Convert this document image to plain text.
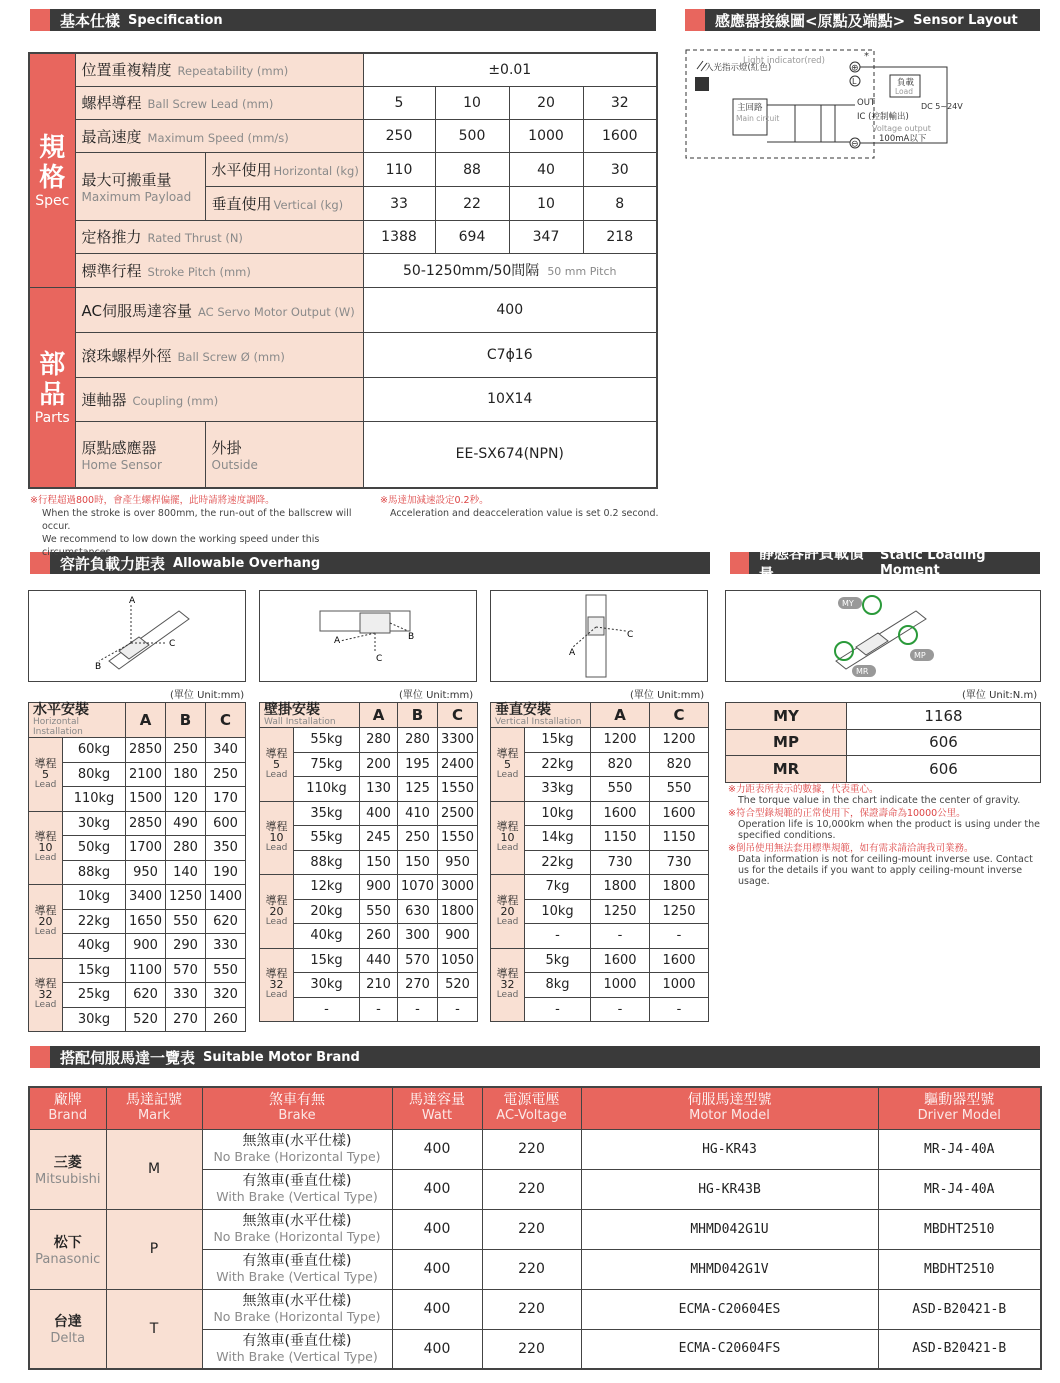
基本仕樣 Specification	感應器接線圖<原點及端點> Sensor Layout
容許負載力距表 Allowable Overhang
靜態容許負載慣量
Static Loading Moment
搭配伺服馬達一覽表 Suitable Motor Brand
規格
Spec	位置重複精度 Repeatability (mm)		±0.01			
	螺桿導程 Ball Screw Lead (mm)		5	10	20	32
	最高速度 Maximum Speed (mm/s)		250	500	1000	1600
	最大可搬重量
Maximum Payload	水平使用 Horizontal (kg)	110	88	40	30
		垂直使用 Vertical (kg)	33	22	10	8
	定格推力 Rated Thrust (N)		1388	694	347	218
	標準行程 Stroke Pitch (mm)		50-1250mm/50間隔 50 mm Pitch			

部品
Parts	AC伺服馬達容量 AC Servo Motor Output (W)		400			
	滾珠螺桿外徑 Ball Screw Ø (mm)		C7ϕ16			
	連軸器 Coupling (mm)		10X14			
	原點感應器
Home Sensor	外掛
Outside	EE-SX674(NPN)			
※行程超過800時，會產生螺桿偏擺，此時請將速度調降。
When the stroke is over 800mm, the run-out of the ballscrew will occur.
We recommend to low down the working speed under this circumstances.
※馬達加減速設定0.2秒。
Acceleration and deacceleration value is set 0.2 second.
Light indicator(red)
入光指示燈(紅色)
主回路
Main circuit
⊕
*
L
⊖
OUT
IC (控制輸出)
Voltage output
100mA以下
負載
Load
DC 5~24V
A
C
B
C
A	B	C
A
MY
MP
MR
(單位 Unit:mm)	(單位 Unit:mm)	(單位 Unit:mm)	(單位 Unit:N.m)
水平安裝
Horizontal Installation		A	B	C

導程
5
Lead	60kg	2850	250	340
	80kg	2100	180	250
	110kg	1500	120	170

導程
10
Lead	30kg	2850	490	600
	50kg	1700	280	350
	88kg	950	140	190

導程
20
Lead	10kg	3400	1250	1400
	22kg	1650	550	620
	40kg	900	290	330

導程
32
Lead	15kg	1100	570	550
	25kg	620	330	320
	30kg	520	270	260
壁掛安裝
Wall Installation		A	B	C

導程
5
Lead	55kg	280	280	3300
	75kg	200	195	2400
	110kg	130	125	1550

導程
10
Lead	35kg	400	410	2500
	55kg	245	250	1550
	88kg	150	150	950

導程
20
Lead	12kg	900	1070	3000
	20kg	550	630	1800
	40kg	260	300	900

導程
32
Lead	15kg	440	570	1050
	30kg	210	270	520
	-	-	-	-
垂直安裝
Vertical Installation		A	C

導程
5
Lead	15kg	1200	1200
	22kg	820	820
	33kg	550	550

導程
10
Lead	10kg	1600	1600
	14kg	1150	1150
	22kg	730	730

導程
20
Lead	7kg	1800	1800
	10kg	1250	1250
	-	-	-

導程
32
Lead	5kg	1600	1600
	8kg	1000	1000
	-	-	-
MY	1168
MP	606
MR	606
※力距表所表示的數據，代表重心。
The torque value in the chart indicate the center of gravity.
※符合型錄規範的正常使用下，保證壽命為10000公里。
Operation life is 10,000km when the product is using under the specified conditions.
※倒吊使用無法套用標準規範，如有需求請洽詢我司業務。
Data information is not for ceiling-mount inverse use. Contact us for the details if you want to apply ceiling-mount inverse usage.
廠牌
Brand	馬達記號
Mark	煞車有無
Brake	馬達容量
Watt	電源電壓
AC-Voltage	伺服馬達型號
Motor Model	驅動器型號
Driver Model

三菱
Mitsubishi	M	無煞車(水平仕樣)
No Brake (Horizontal Type)	400	220	HG-KR43	MR-J4-40A
		有煞車(垂直仕樣)
With Brake (Vertical Type)	400	220	HG-KR43B	MR-J4-40A
松下
Panasonic	P	無煞車(水平仕樣)
No Brake (Horizontal Type)	400	220	MHMD042G1U	MBDHT2510
		有煞車(垂直仕樣)
With Brake (Vertical Type)	400	220	MHMD042G1V	MBDHT2510
台達
Delta	T	無煞車(水平仕樣)
No Brake (Horizontal Type)	400	220	ECMA-C20604ES	ASD-B20421-B
		有煞車(垂直仕樣)
With Brake (Vertical Type)	400	220	ECMA-C20604FS	ASD-B20421-B
